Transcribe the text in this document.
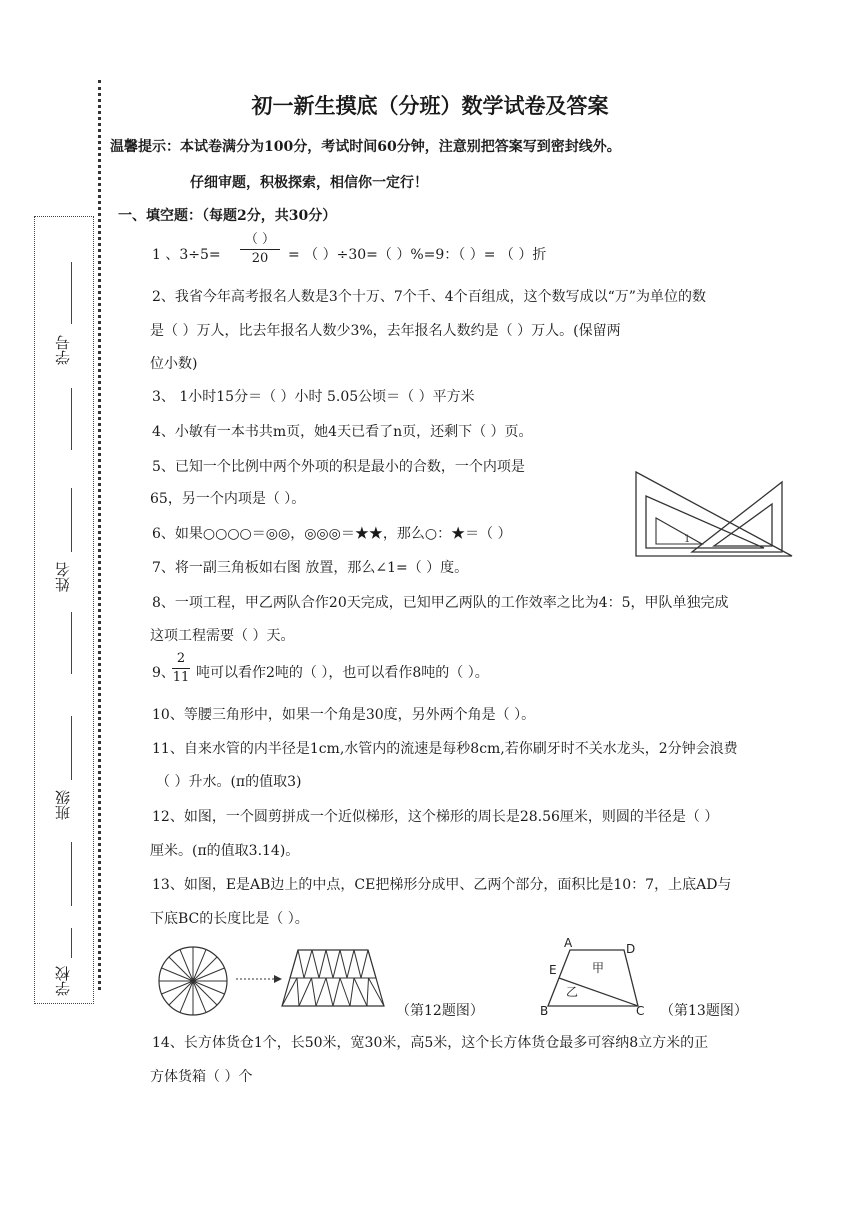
学号
姓名
班级
学校
初一新生摸底（分班）数学试卷及答案
温馨提示：本试卷满分为100分，考试时间60分钟，注意别把答案写到密封线外。
仔细审题，积极探索，相信你一定行！
一、填空题：（每题2分，共30分）
1 、3÷5=
（ ）
20	= （ ）÷30=（ ）%=9：（ ）= （ ）折
2、我省今年高考报名人数是3个十万、7个千、4个百组成，这个数写成以“万”为单位的数
是（ ）万人，比去年报名人数少3%，去年报名人数约是（ ）万人。(保留两
位小数)
3、 1小时15分＝（ ）小时 5.05公顷＝（ ）平方米
4、小敏有一本书共m页，她4天已看了n页，还剩下（ ）页。
5、已知一个比例中两个外项的积是最小的合数，一个内项是
65，另一个内项是（ ）。
6、如果○○○○＝◎◎，◎◎◎＝★★，那么○：★＝（ ）
7、将一副三角板如右图 放置，那么∠1=（ ）度。
1
8、一项工程，甲乙两队合作20天完成，已知甲乙两队的工作效率之比为4：5，甲队单独完成
这项工程需要（ ）天。
9、
2
11 吨可以看作2吨的（ ），也可以看作8吨的（ ）。
10、等腰三角形中，如果一个角是30度，另外两个角是（ ）。
11、自来水管的内半径是1cm,水管内的流速是每秒8cm,若你刷牙时不关水龙头，2分钟会浪费
（ ）升水。(π的值取3)
12、如图，一个圆剪拼成一个近似梯形，这个梯形的周长是28.56厘米，则圆的半径是（ ）
厘米。(π的值取3.14)。
13、如图，E是AB边上的中点，CE把梯形分成甲、乙两个部分，面积比是10：7，上底AD与
下底BC的长度比是（ ）。
（第12题图）
A	D
E
B	C
甲
乙
（第13题图）
14、长方体货仓1个，长50米，宽30米，高5米，这个长方体货仓最多可容纳8立方米的正
方体货箱（ ）个
